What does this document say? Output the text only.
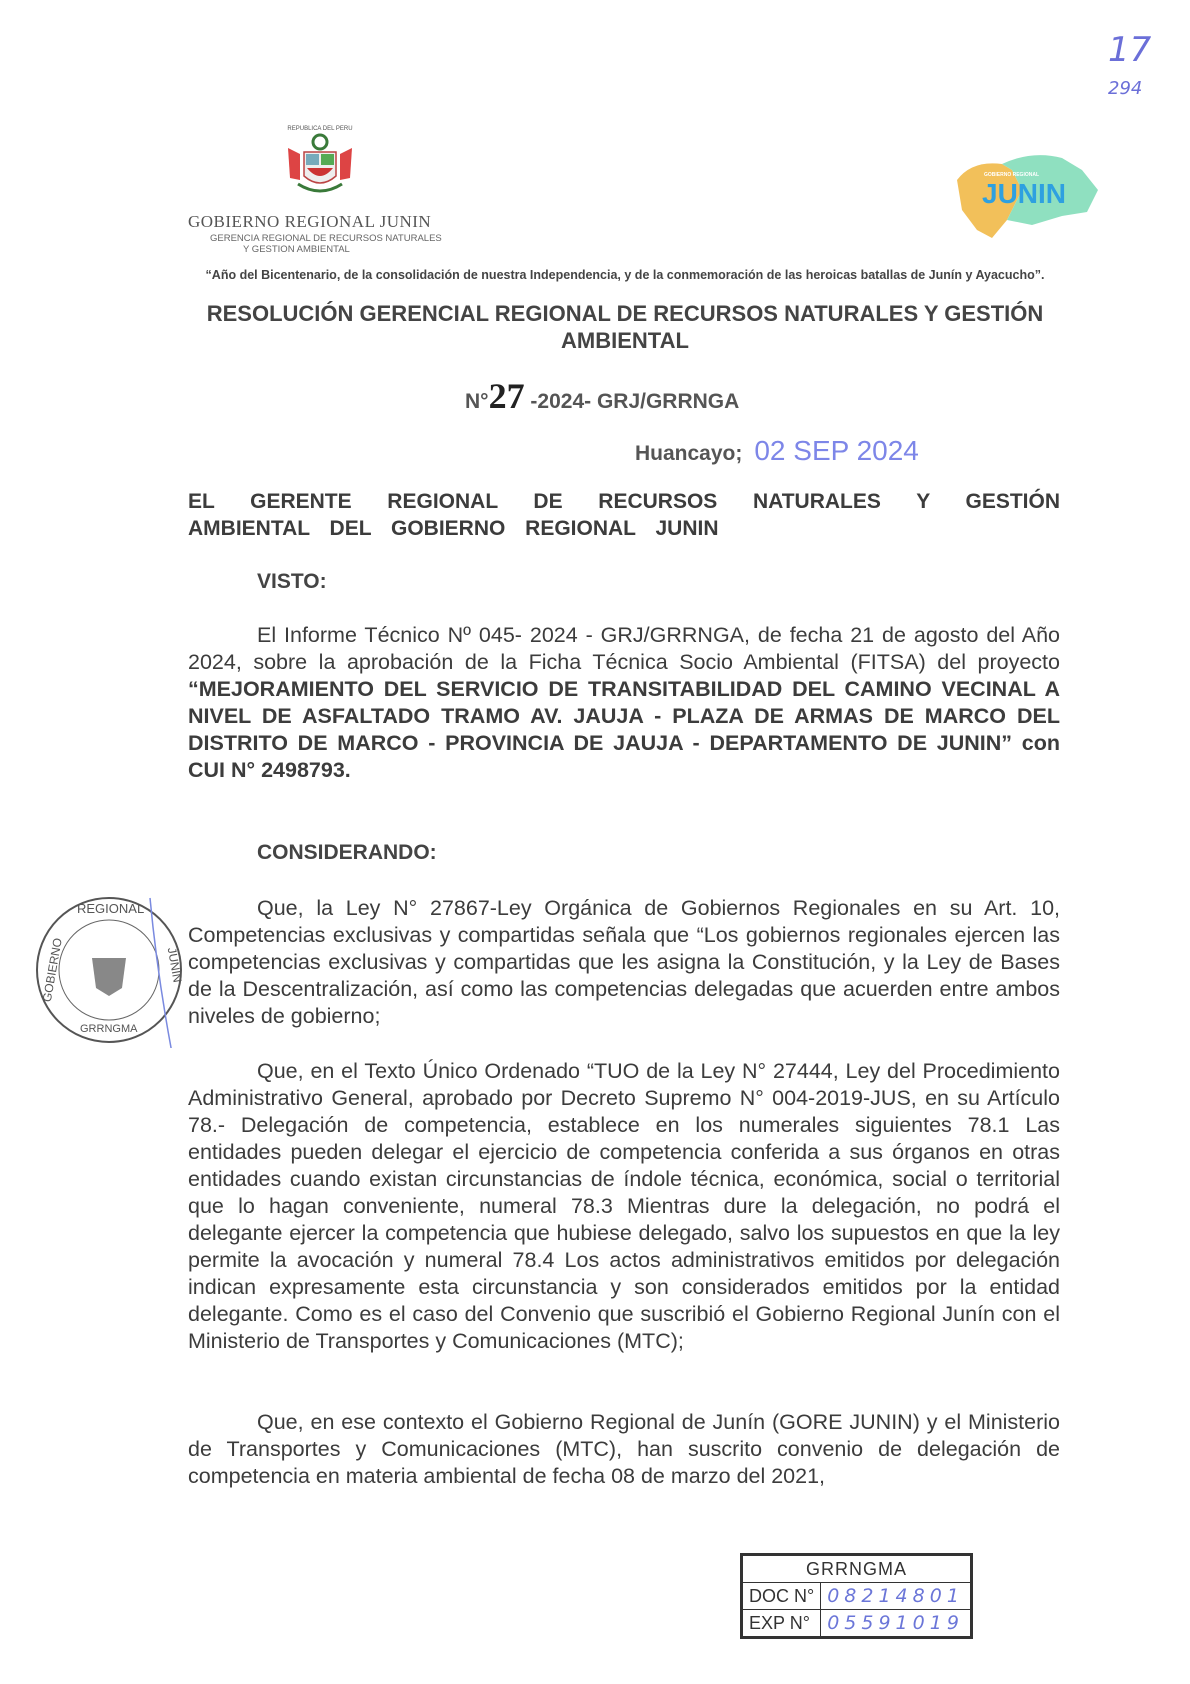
17
294
REPUBLICA DEL PERU
GOBIERNO REGIONAL JUNIN
GERENCIA REGIONAL DE RECURSOS NATURALES
Y GESTION AMBIENTAL
GOBIERNO REGIONAL
JUNIN
“Año del Bicentenario, de la consolidación de nuestra Independencia, y de la conmemoración de las heroicas batallas de Junín y Ayacucho”.
RESOLUCIÓN GERENCIAL REGIONAL DE RECURSOS NATURALES Y GESTIÓN AMBIENTAL
N°27 -2024- GRJ/GRRNGA
Huancayo; 02 SEP 2024
EL GERENTE REGIONAL DE RECURSOS NATURALES Y GESTIÓN AMBIENTAL DEL GOBIERNO REGIONAL JUNIN
VISTO:
El Informe Técnico Nº 045- 2024 - GRJ/GRRNGA, de fecha 21 de agosto del Año 2024, sobre la aprobación de la Ficha Técnica Socio Ambiental (FITSA) del proyecto “MEJORAMIENTO DEL SERVICIO DE TRANSITABILIDAD DEL CAMINO VECINAL A NIVEL DE ASFALTADO TRAMO AV. JAUJA - PLAZA DE ARMAS DE MARCO DEL DISTRITO DE MARCO - PROVINCIA DE JAUJA - DEPARTAMENTO DE JUNIN” con CUI N° 2498793.
CONSIDERANDO:
Que, la Ley N° 27867-Ley Orgánica de Gobiernos Regionales en su Art. 10, Competencias exclusivas y compartidas señala que “Los gobiernos regionales ejercen las competencias exclusivas y compartidas que les asigna la Constitución, y la Ley de Bases de la Descentralización, así como las competencias delegadas que acuerden entre ambos niveles de gobierno;
Que, en el Texto Único Ordenado “TUO de la Ley N° 27444, Ley del Procedimiento Administrativo General, aprobado por Decreto Supremo N° 004-2019-JUS, en su Artículo 78.- Delegación de competencia, establece en los numerales siguientes 78.1 Las entidades pueden delegar el ejercicio de competencia conferida a sus órganos en otras entidades cuando existan circunstancias de índole técnica, económica, social o territorial que lo hagan conveniente, numeral 78.3 Mientras dure la delegación, no podrá el delegante ejercer la competencia que hubiese delegado, salvo los supuestos en que la ley permite la avocación y numeral 78.4 Los actos administrativos emitidos por delegación indican expresamente esta circunstancia y son considerados emitidos por la entidad delegante. Como es el caso del Convenio que suscribió el Gobierno Regional Junín con el Ministerio de Transportes y Comunicaciones (MTC);
Que, en ese contexto el Gobierno Regional de Junín (GORE JUNIN) y el Ministerio de Transportes y Comunicaciones (MTC), han suscrito convenio de delegación de competencia en materia ambiental de fecha 08 de marzo del 2021,
REGIONAL
GOBIERNO	JUNIN
GRRNGMA
GRRNGMA	
DOC N°	08214801
EXP N°	05591019
